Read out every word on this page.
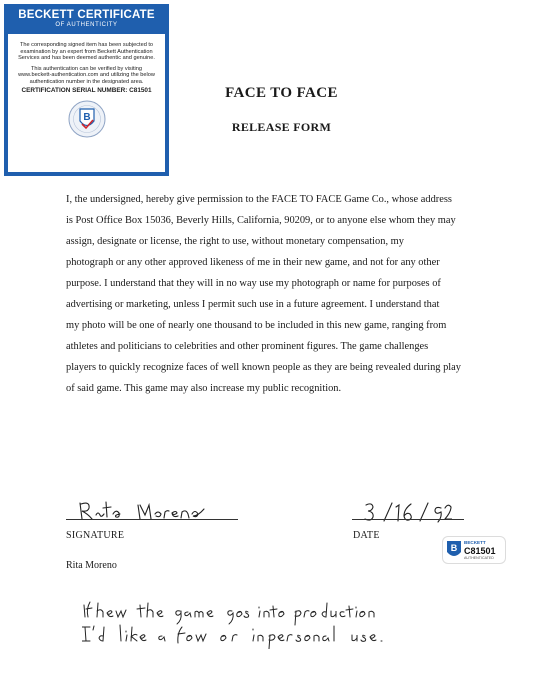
BECKETT CERTIFICATE
OF AUTHENTICITY
The corresponding signed item has been subjected to examination by an expert from Beckett Authentication Services and has been deemed authentic and genuine.
This authentication can be verified by visiting www.beckett-authentication.com and utilizing the below authentication number in the designated area.
CERTIFICATION SERIAL NUMBER: C81501
B
FACE TO FACE
RELEASE FORM
I, the undersigned, hereby give permission to the FACE TO FACE Game Co., whose address
is Post Office Box 15036, Beverly Hills, California, 90209, or to anyone else whom they may
assign, designate or license, the right to use, without monetary compensation, my
photograph or any other approved likeness of me in their new game, and not for any other
purpose. I understand that they will in no way use my photograph or name for purposes of
advertising or marketing, unless I permit such use in a future agreement. I understand that
my photo will be one of nearly one thousand to be included in this new game, ranging from
athletes and politicians to celebrities and other prominent figures. The game challenges
players to quickly recognize faces of well known people as they are being revealed during play
of said game. This game may also increase my public recognition.
SIGNATURE	DATE
Rita Moreno
B
BECKETT
C81501
AUTHENTICATED
